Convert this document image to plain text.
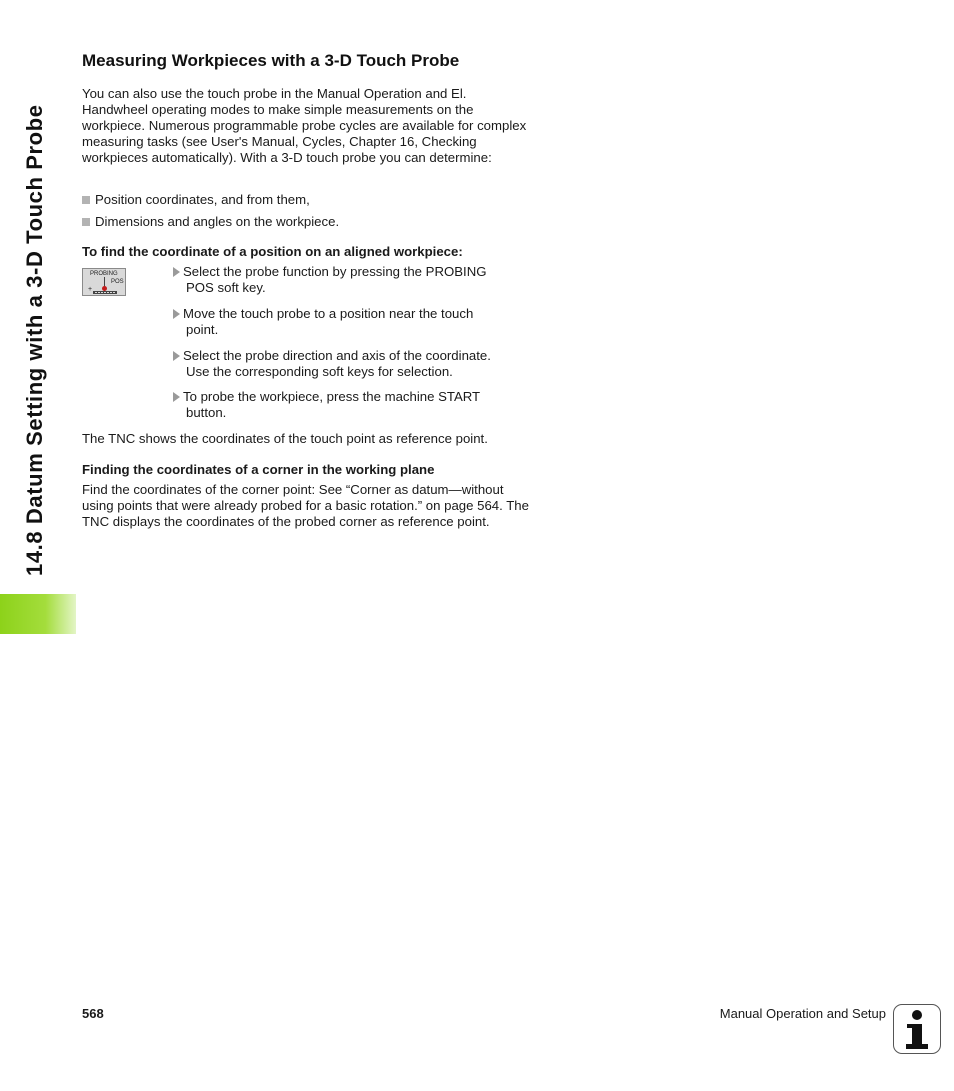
14.8 Datum Setting with a 3-D Touch Probe
Measuring Workpieces with a 3-D Touch Probe

You can also use the touch probe in the Manual Operation and El. Handwheel operating modes to make simple measurements on the workpiece. Numerous programmable probe cycles are available for complex measuring tasks (see User's Manual, Cycles, Chapter 16, Checking workpieces automatically). With a 3-D touch probe you can determine:

Position coordinates, and from them,
Dimensions and angles on the workpiece.
To find the coordinate of a position on an aligned workpiece:
PROBING
POS
+
Select the probe function by pressing the PROBING
POS soft key.
Move the touch probe to a position near the touch
point.
Select the probe direction and axis of the coordinate.
Use the corresponding soft keys for selection.
To probe the workpiece, press the machine START
button.

The TNC shows the coordinates of the touch point as reference point.

Finding the coordinates of a corner in the working plane

Find the coordinates of the corner point: See “Corner as datum—without using points that were already probed for a basic rotation.” on page 564. The TNC displays the coordinates of the probed corner as reference point.

568	Manual Operation and Setup
